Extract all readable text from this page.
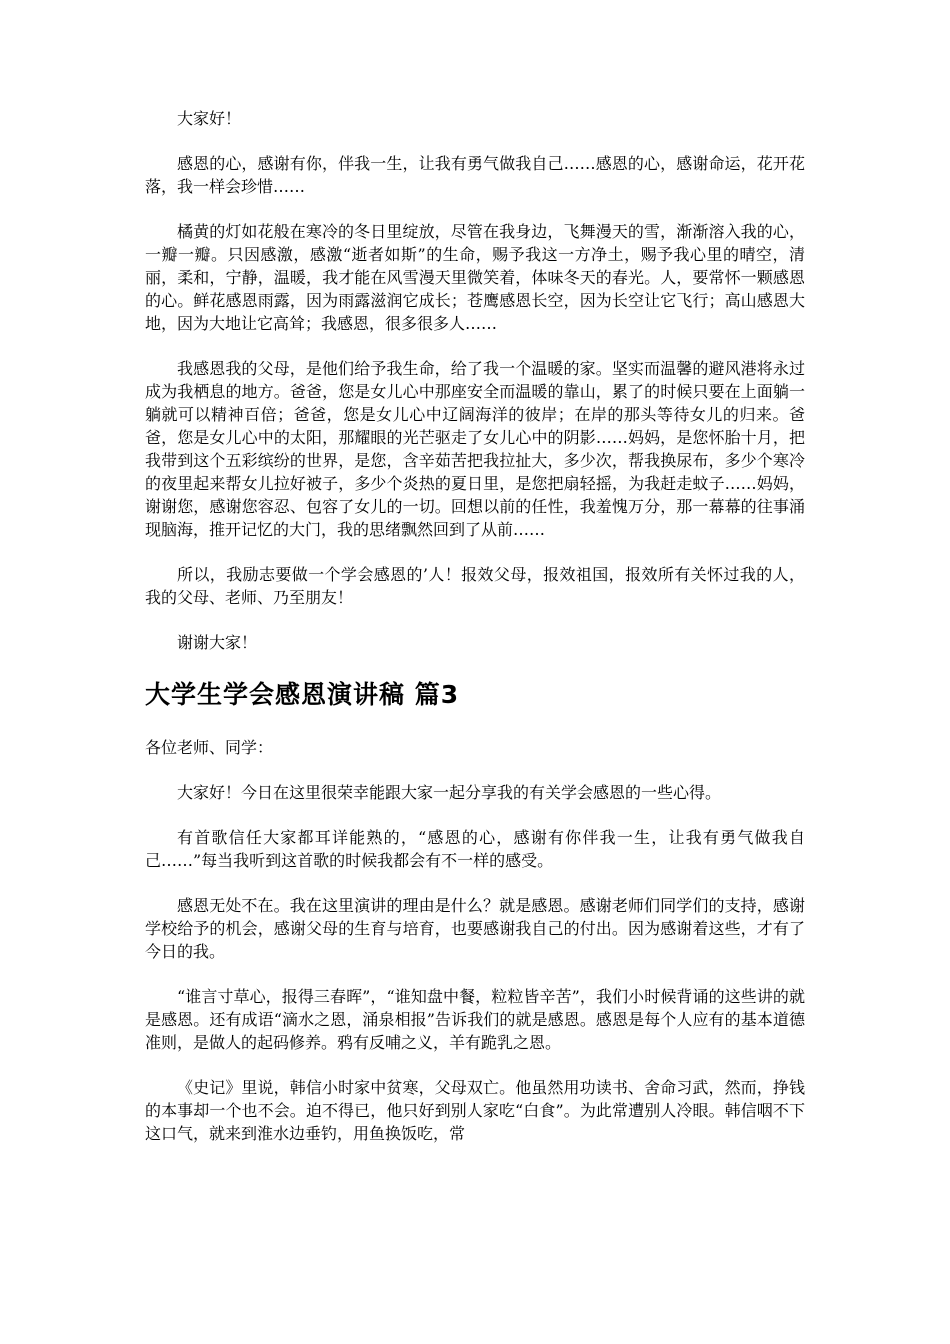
大家好！

感恩的心，感谢有你，伴我一生，让我有勇气做我自己……感恩的心，感谢命运，花开花落，我一样会珍惜……

橘黄的灯如花般在寒冷的冬日里绽放，尽管在我身边，飞舞漫天的雪，渐渐溶入我的心，一瓣一瓣。只因感激，感激“逝者如斯”的生命，赐予我这一方净土，赐予我心里的晴空，清丽，柔和，宁静，温暖，我才能在风雪漫天里微笑着，体味冬天的春光。人，要常怀一颗感恩的心。鲜花感恩雨露，因为雨露滋润它成长；苍鹰感恩长空，因为长空让它飞行；高山感恩大地，因为大地让它高耸；我感恩，很多很多人……

我感恩我的父母，是他们给予我生命，给了我一个温暖的家。坚实而温馨的避风港将永过成为我栖息的地方。爸爸，您是女儿心中那座安全而温暖的靠山，累了的时候只要在上面躺一躺就可以精神百倍；爸爸，您是女儿心中辽阔海洋的彼岸；在岸的那头等待女儿的归来。爸爸，您是女儿心中的太阳，那耀眼的光芒驱走了女儿心中的阴影……妈妈，是您怀胎十月，把我带到这个五彩缤纷的世界，是您，含辛茹苦把我拉扯大，多少次，帮我换尿布，多少个寒冷的夜里起来帮女儿拉好被子，多少个炎热的夏日里，是您把扇轻摇，为我赶走蚊子……妈妈，谢谢您，感谢您容忍、包容了女儿的一切。回想以前的任性，我羞愧万分，那一幕幕的往事涌现脑海，推开记忆的大门，我的思绪飘然回到了从前……

所以，我励志要做一个学会感恩的’人！报效父母，报效祖国，报效所有关怀过我的人，我的父母、老师、乃至朋友！

谢谢大家！

大学生学会感恩演讲稿 篇3

各位老师、同学：

大家好！今日在这里很荣幸能跟大家一起分享我的有关学会感恩的一些心得。

有首歌信任大家都耳详能熟的，“感恩的心，感谢有你伴我一生，让我有勇气做我自己……”每当我听到这首歌的时候我都会有不一样的感受。

感恩无处不在。我在这里演讲的理由是什么？就是感恩。感谢老师们同学们的支持，感谢学校给予的机会，感谢父母的生育与培育，也要感谢我自己的付出。因为感谢着这些，才有了今日的我。

“谁言寸草心，报得三春晖”，“谁知盘中餐，粒粒皆辛苦”，我们小时候背诵的这些讲的就是感恩。还有成语“滴水之恩，涌泉相报”告诉我们的就是感恩。感恩是每个人应有的基本道德准则，是做人的起码修养。鸦有反哺之义，羊有跪乳之恩。

《史记》里说，韩信小时家中贫寒，父母双亡。他虽然用功读书、舍命习武，然而，挣钱的本事却一个也不会。迫不得已，他只好到别人家吃“白食”。为此常遭别人冷眼。韩信咽不下这口气，就来到淮水边垂钓，用鱼换饭吃，常
